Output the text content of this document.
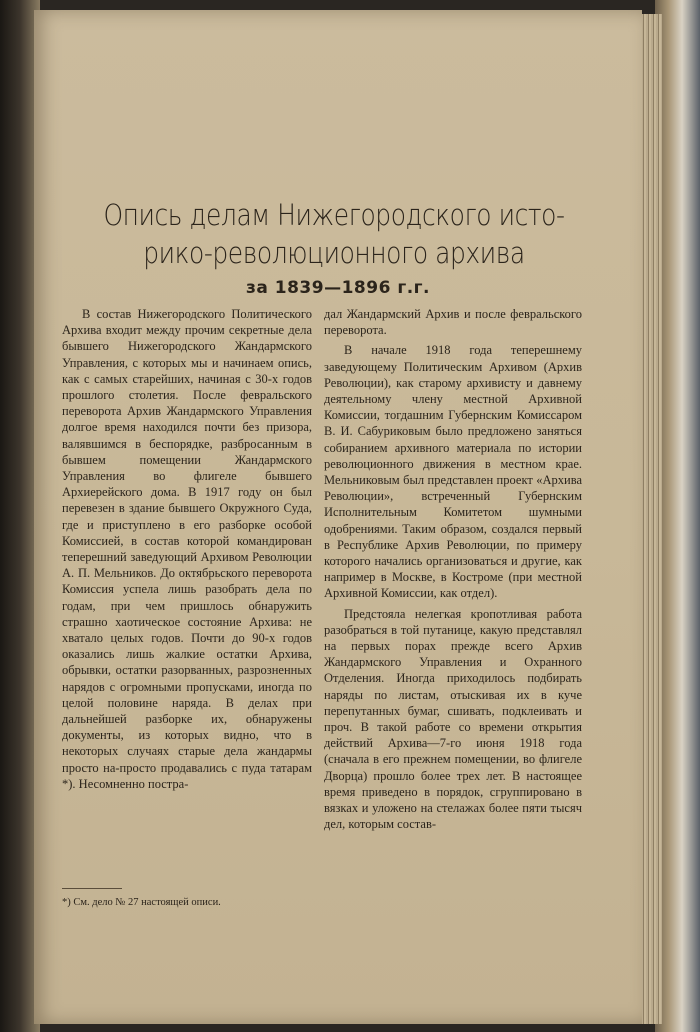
Опись делам Нижегородского исто-
рико-революционного архива
за 1839—1896 г.г.

В состав Нижегородского Политического Архива входит между прочим секретные дела бывшего Нижегородского Жандармского Управления, с которых мы и начинаем опись, как с самых старейших, начиная с 30-х годов прошлого столетия. После февральского переворота Архив Жандармского Управления долгое время находился почти без призора, валявшимся в беспорядке, разбросанным в бывшем помещении Жандармского Управления во флигеле бывшего Архиерейского дома. В 1917 году он был перевезен в здание бывшего Окружного Суда, где и приступлено в его разборке особой Комиссией, в состав которой командирован теперешний заведующий Архивом Революции А. П. Мельников. До октябрьского переворота Комиссия успела лишь разобрать дела по годам, при чем пришлось обнаружить страшно хаотическое состояние Архива: не хватало целых годов. Почти до 90-х годов оказались лишь жалкие остатки Архива, обрывки, остатки разорванных, разрозненных нарядов с огромными пропусками, иногда по целой половине наряда. В делах при дальнейшей разборке их, обнаружены документы, из которых видно, что в некоторых случаях старые дела жандармы просто на-просто продавались с пуда татарам *). Несомненно постра-

дал Жандармский Архив и после февральского переворота.

В начале 1918 года теперешнему заведующему Политическим Архивом (Архив Революции), как старому архивисту и давнему деятельному члену местной Архивной Комиссии, тогдашним Губернским Комиссаром В. И. Сабуриковым было предложено заняться собиранием архивного материала по истории революционного движения в местном крае. Мельниковым был представлен проект «Архива Революции», встреченный Губернским Исполнительным Комитетом шумными одобрениями. Таким образом, создался первый в Республике Архив Революции, по примеру которого начались организоваться и другие, как например в Москве, в Костроме (при местной Архивной Комиссии, как отдел).

Предстояла нелегкая кропотливая работа разобраться в той путанице, какую представлял на первых порах прежде всего Архив Жандармского Управления и Охранного Отделения. Иногда приходилось подбирать наряды по листам, отыскивая их в куче перепутанных бумаг, сшивать, подклеивать и проч. В такой работе со времени открытия действий Архива—7-го июня 1918 года (сначала в его прежнем помещении, во флигеле Дворца) прошло более трех лет. В настоящее время приведено в порядок, сгруппировано в вязках и уложено на стелажах более пяти тысяч дел, которым состав-

*) См. дело № 27 настоящей описи.
